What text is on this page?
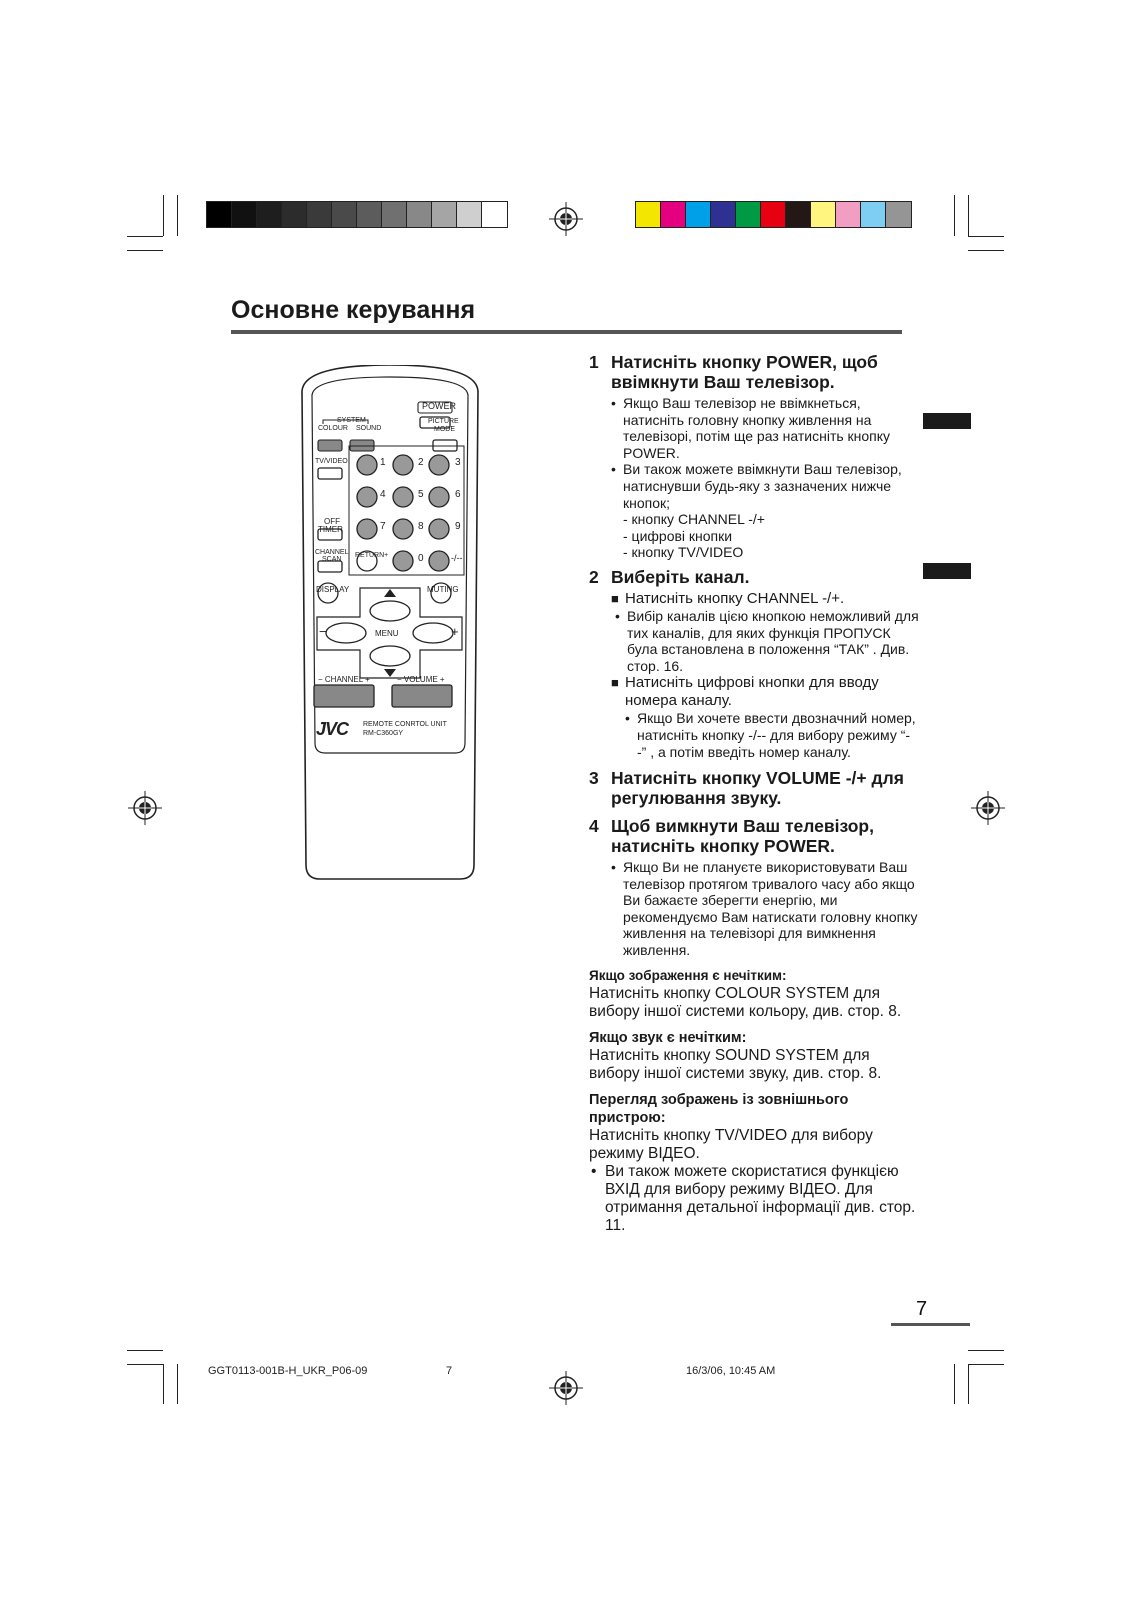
Основне керування
POWER
SYSTEM
COLOUR SOUND
PICTURE
MODE
TV/VIDEO
OFF
TIMER
CHANNEL
SCAN
RETURN+
1	2	3
4	5	6
7	8	9
0	-/--
DISPLAY	MUTING
MENU
−	+
− CHANNEL +	− VOLUME +
JVC REMOTE CONRTOL UNIT
RM-C360GY
1 Натисніть кнопку POWER, щоб ввімкнути Ваш телевізор.
• Якщо Ваш телевізор не ввімкнеться, натисніть головну кнопку живлення на телевізорі, потім ще раз натисніть кнопку POWER.
• Ви також можете ввімкнути Ваш телевізор, натиснувши будь-яку з зазначених нижче кнопок;
- кнопку CHANNEL -/+
- цифрові кнопки
- кнопку TV/VIDEO
2 Виберіть канал.
■ Натисніть кнопку CHANNEL -/+.
• Вибір каналів цією кнопкою неможливий для тих каналів, для яких функція ПРОПУСК була встановлена в положення “ТАК” . Див. стор. 16.
■ Натисніть цифрові кнопки для вводу номера каналу.
• Якщо Ви хочете ввести двозначний номер, натисніть кнопку -/-- для вибору режиму “--” , а потім введіть номер каналу.
3 Натисніть кнопку VOLUME -/+ для регулювання звуку.
4 Щоб вимкнути Ваш телевізор, натисніть кнопку POWER.
• Якщо Ви не плануєте використовувати Ваш телевізор протягом тривалого часу або якщо Ви бажаєте зберегти енергію, ми рекомендуємо Вам натискати головну кнопку живлення на телевізорі для вимкнення живлення.
Якщо зображення є нечітким:
Натисніть кнопку COLOUR SYSTEM для вибору іншої системи кольору, див. стор. 8.
Якщо звук є нечітким:
Натисніть кнопку SOUND SYSTEM для вибору іншої системи звуку, див. стор. 8.
Перегляд зображень із зовнішнього пристрою:
Натисніть кнопку TV/VIDEO для вибору режиму ВІДЕО.
• Ви також можете скористатися функцією ВХІД для вибору режиму ВІДЕО. Для отримання детальної інформації див. стор. 11.
7
GGT0113-001B-H_UKR_P06-09	7	16/3/06, 10:45 AM
